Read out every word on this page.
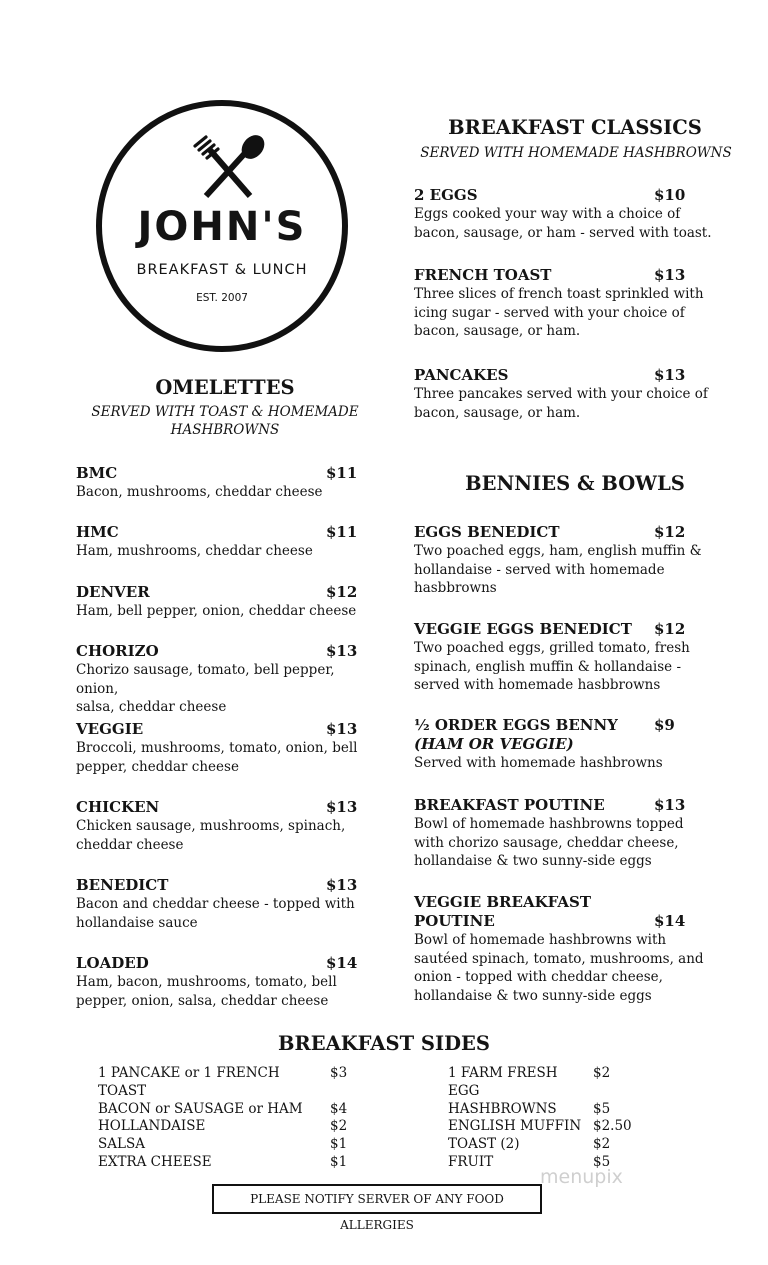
JOHN'S
BREAKFAST & LUNCH
EST. 2007
OMELETTES
SERVED WITH TOAST & HOMEMADE
HASHBROWNS
BMC	$11
Bacon, mushrooms, cheddar cheese
HMC	$11
Ham, mushrooms, cheddar cheese
DENVER	$12
Ham, bell pepper, onion, cheddar cheese
CHORIZO	$13
Chorizo sausage, tomato, bell pepper, onion,
salsa, cheddar cheese
VEGGIE	$13
Broccoli, mushrooms, tomato, onion, bell
pepper, cheddar cheese
CHICKEN	$13
Chicken sausage, mushrooms, spinach,
cheddar cheese
BENEDICT	$13
Bacon and cheddar cheese - topped with
hollandaise sauce
LOADED	$14
Ham, bacon, mushrooms, tomato, bell
pepper, onion, salsa, cheddar cheese
BREAKFAST CLASSICS
SERVED WITH HOMEMADE HASHBROWNS
2 EGGS	$10
Eggs cooked your way with a choice of
bacon, sausage, or ham - served with toast.
FRENCH TOAST	$13
Three slices of french toast sprinkled with
icing sugar - served with your choice of
bacon, sausage, or ham.
PANCAKES	$13
Three pancakes served with your choice of
bacon, sausage, or ham.
BENNIES & BOWLS
EGGS BENEDICT	$12
Two poached eggs, ham, english muffin &
hollandaise - served with homemade
hasbbrowns
VEGGIE EGGS BENEDICT $12
Two poached eggs, grilled tomato, fresh
spinach, english muffin & hollandaise -
served with homemade hasbbrowns
½ ORDER EGGS BENNY $9
(HAM OR VEGGIE)
Served with homemade hashbrowns
BREAKFAST POUTINE	$13
Bowl of homemade hashbrowns topped
with chorizo sausage, cheddar cheese,
hollandaise & two sunny-side eggs
VEGGIE BREAKFAST
POUTINE	$14
Bowl of homemade hashbrowns with
sautéed spinach, tomato, mushrooms, and
onion - topped with cheddar cheese,
hollandaise & two sunny-side eggs
BREAKFAST SIDES
1 PANCAKE or 1 FRENCH TOAST
$3
BACON or SAUSAGE or HAM	$4
HOLLANDAISE	$2
SALSA	$1
EXTRA CHEESE	$1
1 FARM FRESH EGG
$2
HASHBROWNS	$5
ENGLISH MUFFIN $2.50
TOAST (2)	$2
FRUIT	$5
menupix
PLEASE NOTIFY SERVER OF ANY FOOD ALLERGIES
